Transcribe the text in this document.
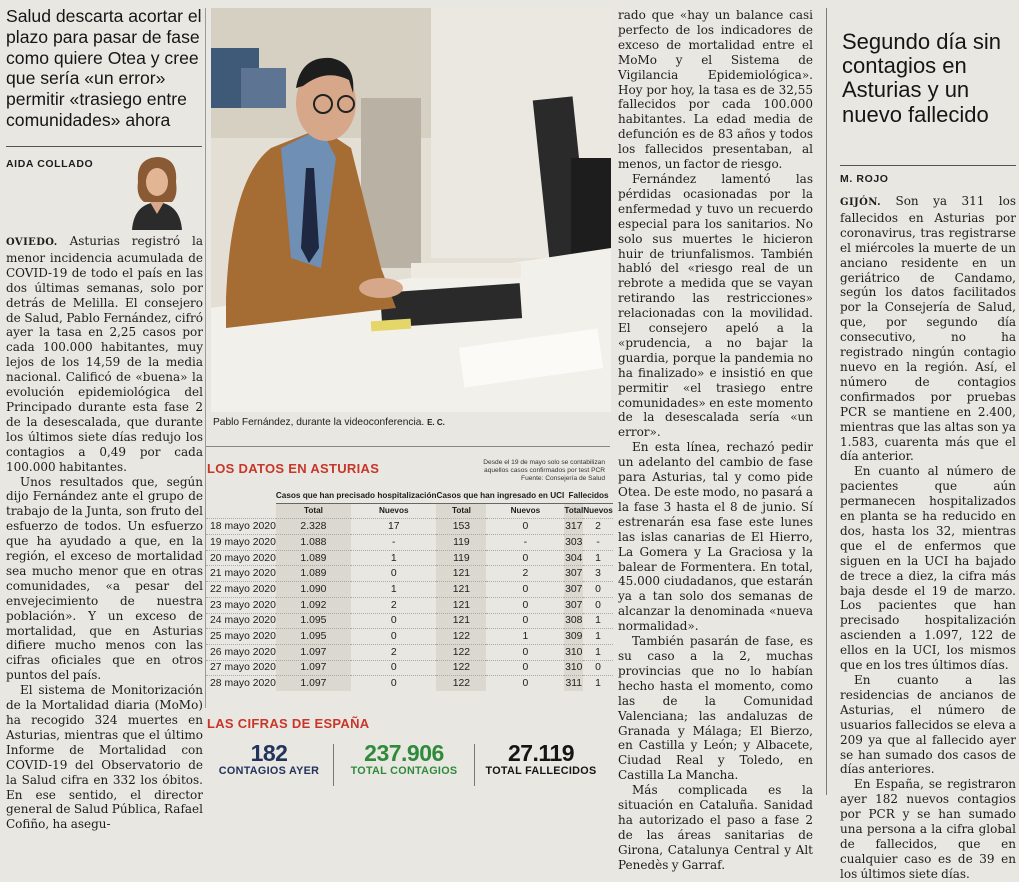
Salud descarta acortar el plazo para pasar de fase como quiere Otea y cree que sería «un error» permitir «trasiego entre comunidades» ahora
AIDA COLLADO

OVIEDO. Asturias registró la menor incidencia acumulada de COVID-19 de todo el país en las dos últimas semanas, solo por detrás de Melilla. El consejero de Salud, Pablo Fernández, cifró ayer la tasa en 2,25 casos por cada 100.000 habitantes, muy lejos de los 14,59 de la media nacional. Calificó de «buena» la evolución epidemiológica del Principado durante esta fase 2 de la desescalada, que durante los últimos siete días redujo los contagios a 0,49 por cada 100.000 habitantes.

Unos resultados que, según dijo Fernández ante el grupo de trabajo de la Junta, son fruto del esfuerzo de todos. Un esfuerzo que ha ayudado a que, en la región, el exceso de mortalidad sea mucho menor que en otras comunidades, «a pesar del envejecimiento de nuestra población». Y un exceso de mortalidad, que en Asturias difiere mucho menos con las cifras oficiales que en otros puntos del país.

El sistema de Monitorización de la Mortalidad diaria (MoMo) ha recogido 324 muertes en Asturias, mientras que el último Informe de Mortalidad con COVID-19 del Observatorio de la Salud cifra en 332 los óbitos. En ese sentido, el director general de Salud Pública, Rafael Cofiño, ha asegu-

Pablo Fernández, durante la videoconferencia. E. C.
LOS DATOS EN ASTURIAS	Desde el 19 de mayo solo se contabilizan aquellos casos confirmados por test PCR Fuente: Consejería de Salud
	Casos que han precisado hospitalización		Casos que han ingresado en UCI		Fallecidos	
	Total	Nuevos	Total	Nuevos	Total	Nuevos
18 mayo 2020	2.328	17	153	0	317	2
19 mayo 2020	1.088	-	119	-	303	-
20 mayo 2020	1.089	1	119	0	304	1
21 mayo 2020	1.089	0	121	2	307	3
22 mayo 2020	1.090	1	121	0	307	0
23 mayo 2020	1.092	2	121	0	307	0
24 mayo 2020	1.095	0	121	0	308	1
25 mayo 2020	1.095	0	122	1	309	1
26 mayo 2020	1.097	2	122	0	310	1
27 mayo 2020	1.097	0	122	0	310	0
28 mayo 2020	1.097	0	122	0	311	1
LAS CIFRAS DE ESPAÑA
182
CONTAGIOS AYER
237.906
TOTAL CONTAGIOS
27.119
TOTAL FALLECIDOS

rado que «hay un balance casi perfecto de los indicadores de exceso de mortalidad entre el MoMo y el Sistema de Vigilancia Epidemiológica». Hoy por hoy, la tasa es de 32,55 fallecidos por cada 100.000 habitantes. La edad media de defunción es de 83 años y todos los fallecidos presentaban, al menos, un factor de riesgo.

Fernández lamentó las pérdidas ocasionadas por la enfermedad y tuvo un recuerdo especial para los sanitarios. No solo sus muertes le hicieron huir de triunfalismos. También habló del «riesgo real de un rebrote a medida que se vayan retirando las restricciones» relacionadas con la movilidad. El consejero apeló a la «prudencia, a no bajar la guardia, porque la pandemia no ha finalizado» e insistió en que permitir «el trasiego entre comunidades» en este momento de la desescalada sería «un error».

En esta línea, rechazó pedir un adelanto del cambio de fase para Asturias, tal y como pide Otea. De este modo, no pasará a la fase 3 hasta el 8 de junio. Sí estrenarán esa fase este lunes las islas canarias de El Hierro, La Gomera y La Graciosa y la balear de Formentera. En total, 45.000 ciudadanos, que estarán ya a tan solo dos semanas de alcanzar la denominada «nueva normalidad».

También pasarán de fase, es su caso a la 2, muchas provincias que no lo habían hecho hasta el momento, como las de la Comunidad Valenciana; las andaluzas de Granada y Málaga; El Bierzo, en Castilla y León; y Albacete, Ciudad Real y Toledo, en Castilla La Mancha.

Más complicada es la situación en Cataluña. Sanidad ha autorizado el paso a fase 2 de las áreas sanitarias de Girona, Catalunya Central y Alt Penedès y Garraf.

Segundo día sin contagios en Asturias y un nuevo fallecido
M. ROJO

GIJÓN. Son ya 311 los fallecidos en Asturias por coronavirus, tras registrarse el miércoles la muerte de un anciano residente en un geriátrico de Candamo, según los datos facilitados por la Consejería de Salud, que, por segundo día consecutivo, no ha registrado ningún contagio nuevo en la región. Así, el número de contagios confirmados por pruebas PCR se mantiene en 2.400, mientras que las altas son ya 1.583, cuarenta más que el día anterior.

En cuanto al número de pacientes que aún permanecen hospitalizados en planta se ha reducido en dos, hasta los 32, mientras que el de enfermos que siguen en la UCI ha bajado de trece a diez, la cifra más baja desde el 19 de marzo. Los pacientes que han precisado hospitalización ascienden a 1.097, 122 de ellos en la UCI, los mismos que en los tres últimos días.

En cuanto a las residencias de ancianos de Asturias, el número de usuarios fallecidos se eleva a 209 ya que al fallecido ayer se han sumado dos casos de días anteriores.

En España, se registraron ayer 182 nuevos contagios por PCR y se han sumado una persona a la cifra global de fallecidos, que en cualquier caso es de 39 en los últimos siete días.
